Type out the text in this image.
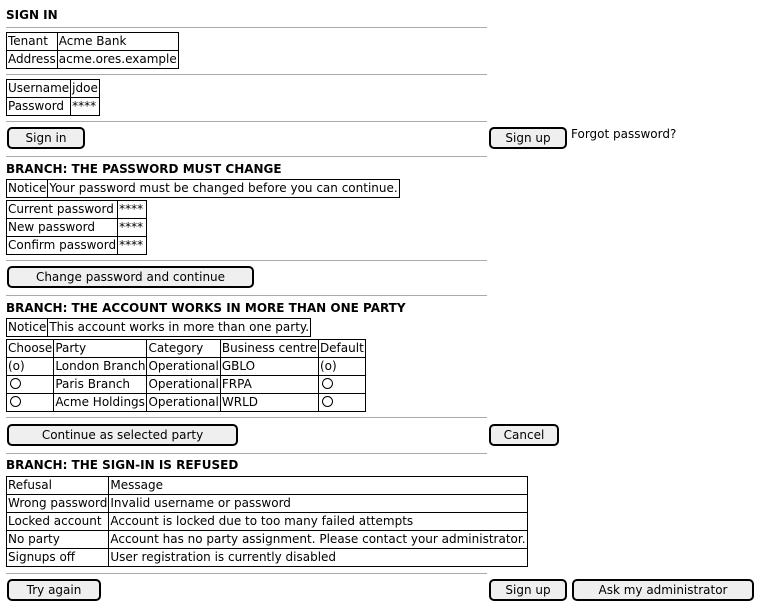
SIGN IN
Tenant	Acme Bank
Address	acme.ores.example
Username	jdoe
Password	****
Sign in	Sign up	Forgot password?
BRANCH: THE PASSWORD MUST CHANGE
Notice	Your password must be changed before you can continue.
Current password	****
New password	****
Confirm password	****
Change password and continue
BRANCH: THE ACCOUNT WORKS IN MORE THAN ONE PARTY
Notice	This account works in more than one party.
Choose	Party	Category	Business centre	Default
(o)	London Branch	Operational	GBLO	(o)
	Paris Branch	Operational	FRPA	
	Acme Holdings	Operational	WRLD	
Continue as selected party	Cancel
BRANCH: THE SIGN-IN IS REFUSED
Refusal	Message
Wrong password	Invalid username or password
Locked account	Account is locked due to too many failed attempts
No party	Account has no party assignment. Please contact your administrator.
Signups off	User registration is currently disabled
Try again	Sign up	Ask my administrator
